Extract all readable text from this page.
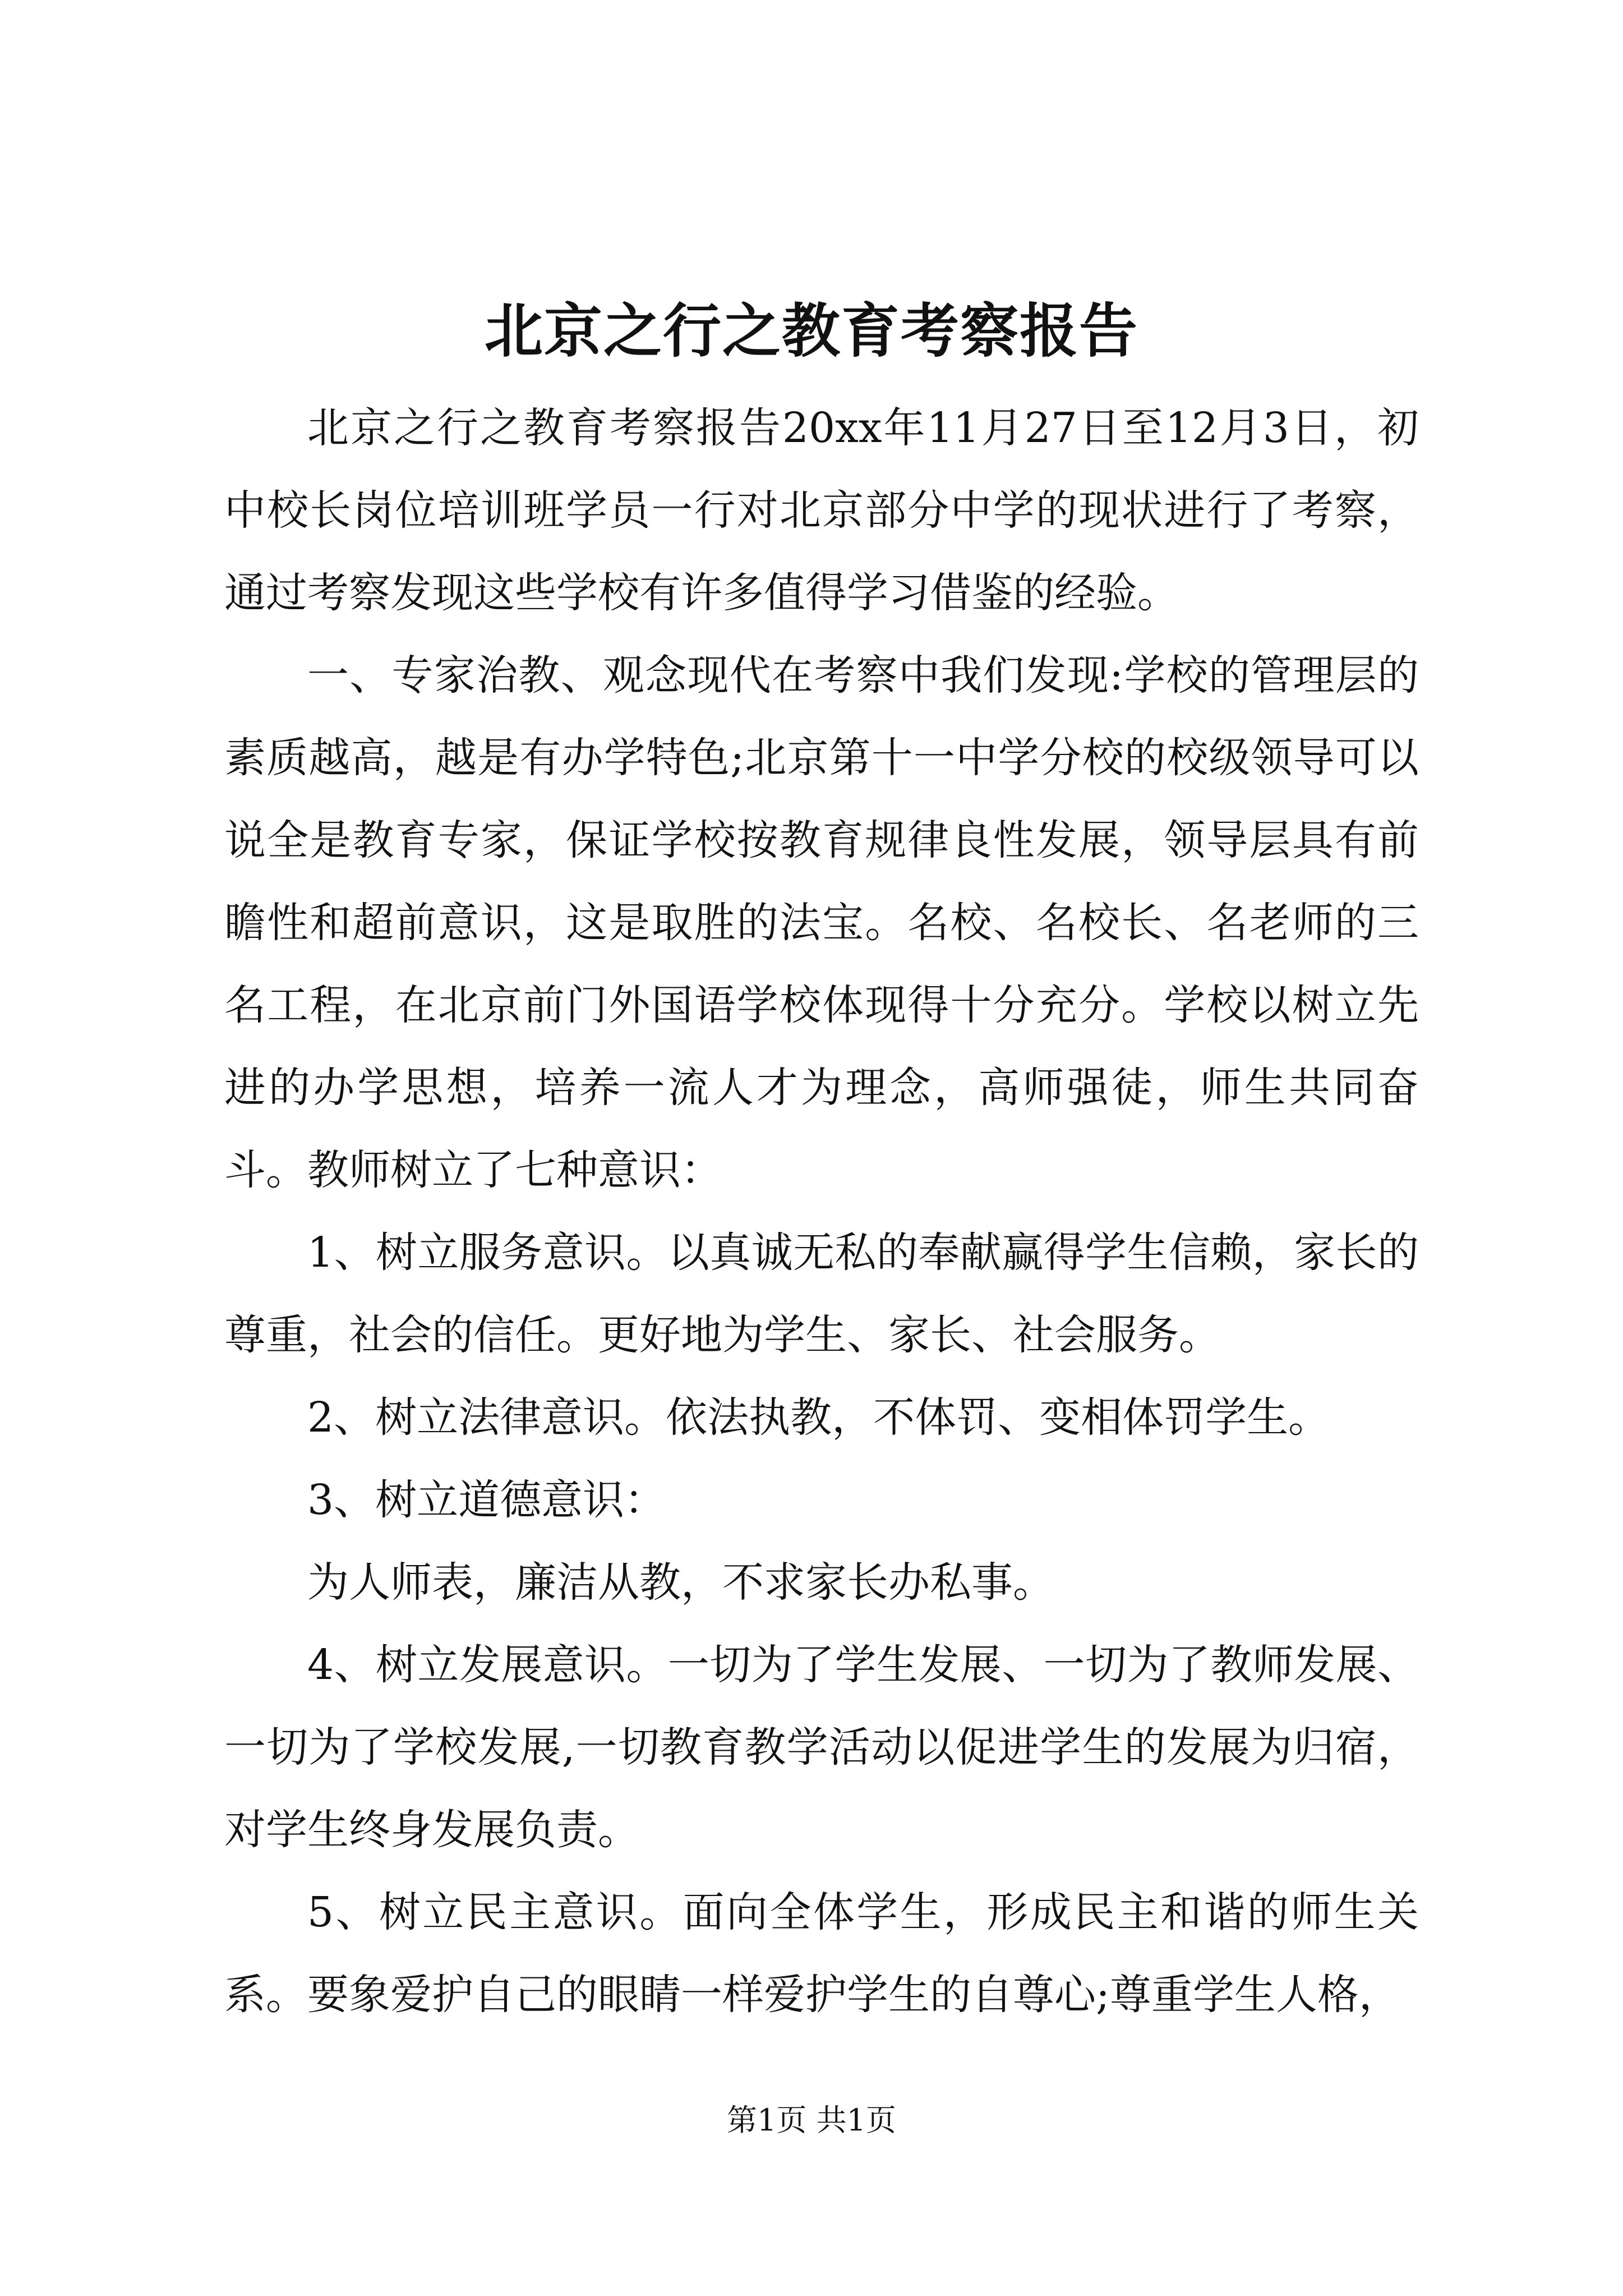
北京之行之教育考察报告

北京之行之教育考察报告20xx年11月27日至12月3日，初中校长岗位培训班学员一行对北京部分中学的现状进行了考察，通过考察发现这些学校有许多值得学习借鉴的经验。

一、专家治教、观念现代在考察中我们发现:学校的管理层的素质越高，越是有办学特色;北京第十一中学分校的校级领导可以说全是教育专家，保证学校按教育规律良性发展，领导层具有前瞻性和超前意识，这是取胜的法宝。名校、名校长、名老师的三名工程，在北京前门外国语学校体现得十分充分。学校以树立先进的办学思想，培养一流人才为理念，高师强徒，师生共同奋斗。教师树立了七种意识：

1、树立服务意识。以真诚无私的奉献赢得学生信赖，家长的尊重，社会的信任。更好地为学生、家长、社会服务。

2、树立法律意识。依法执教，不体罚、变相体罚学生。

3、树立道德意识：

为人师表，廉洁从教，不求家长办私事。

4、树立发展意识。一切为了学生发展、一切为了教师发展、一切为了学校发展,一切教育教学活动以促进学生的发展为归宿，对学生终身发展负责。

5、树立民主意识。面向全体学生，形成民主和谐的师生关系。要象爱护自己的眼睛一样爱护学生的自尊心;尊重学生人格，

第1页 共1页
